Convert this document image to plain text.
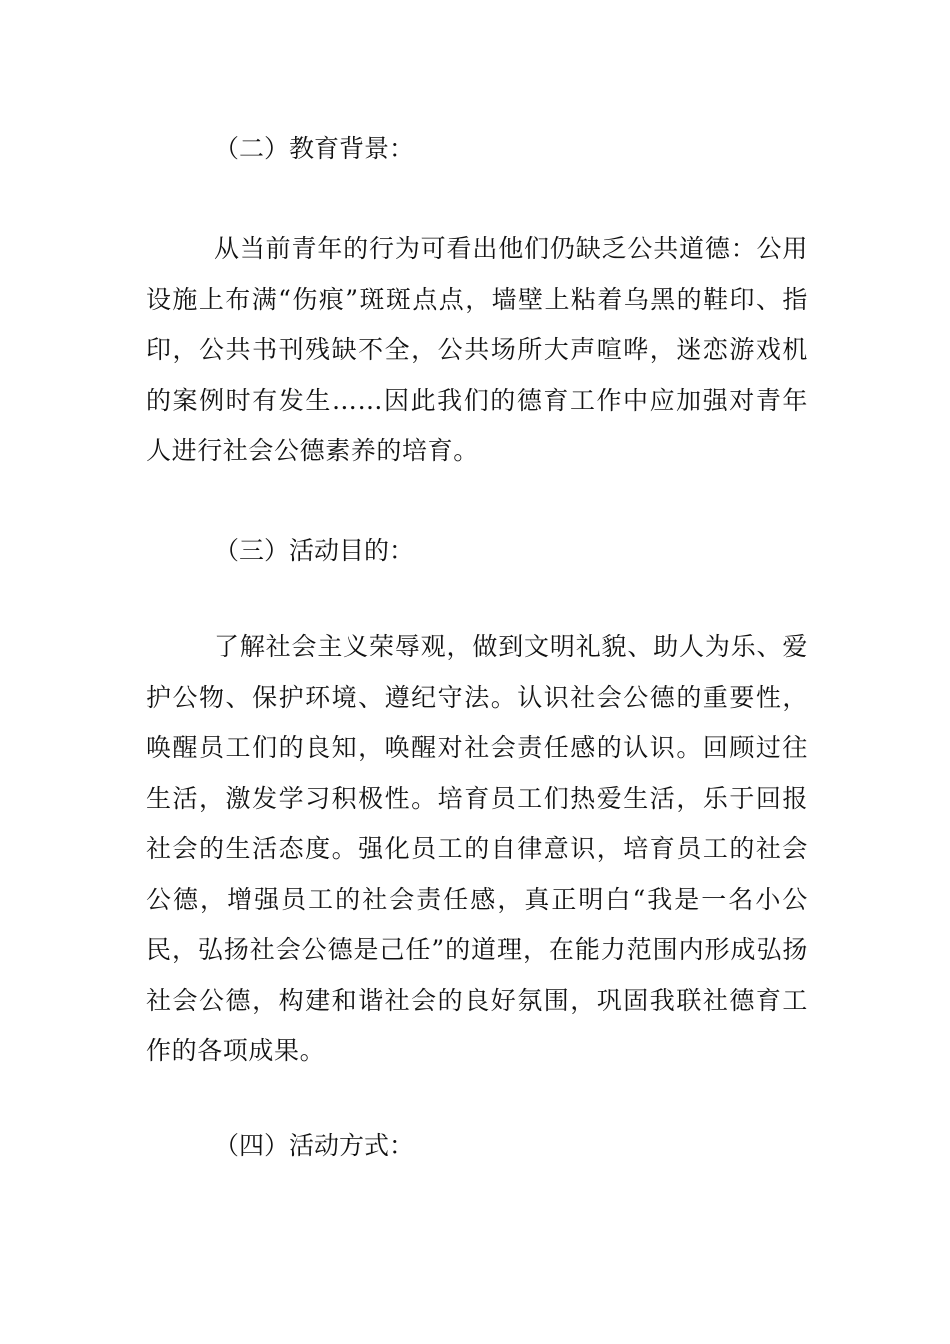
（二）教育背景：
从当前青年的行为可看出他们仍缺乏公共道德：公用设施上布满“伤痕”斑斑点点，墙壁上粘着乌黑的鞋印、指印，公共书刊残缺不全，公共场所大声喧哗，迷恋游戏机的案例时有发生……因此我们的德育工作中应加强对青年人进行社会公德素养的培育。
（三）活动目的：
了解社会主义荣辱观，做到文明礼貌、助人为乐、爱护公物、保护环境、遵纪守法。认识社会公德的重要性，唤醒员工们的良知，唤醒对社会责任感的认识。回顾过往生活，激发学习积极性。培育员工们热爱生活，乐于回报社会的生活态度。强化员工的自律意识，培育员工的社会公德，增强员工的社会责任感，真正明白“我是一名小公民，弘扬社会公德是己任”的道理，在能力范围内形成弘扬社会公德，构建和谐社会的良好氛围，巩固我联社德育工作的各项成果。
（四）活动方式：
